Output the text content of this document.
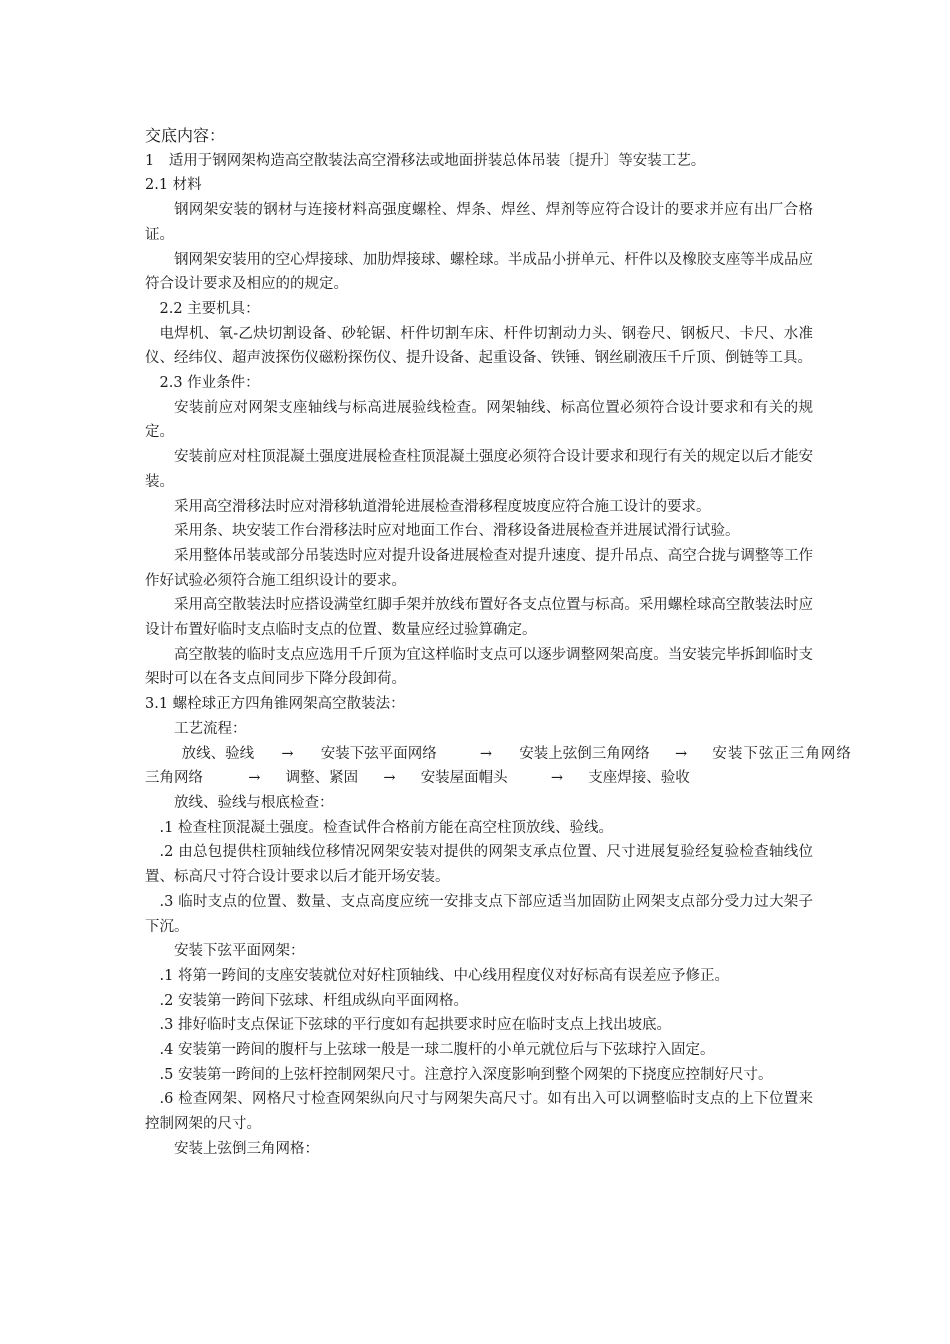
交底内容：

1　适用于钢网架构造高空散装法高空滑移法或地面拼装总体吊装〔提升〕等安装工艺。

2.1 材料

钢网架安装的钢材与连接材料高强度螺栓、焊条、焊丝、焊剂等应符合设计的要求并应有出厂合格证。

钢网架安装用的空心焊接球、加肋焊接球、螺栓球。半成品小拼单元、杆件以及橡胶支座等半成品应符合设计要求及相应的的规定。

2.2 主要机具：

电焊机、氧-乙炔切割设备、砂轮锯、杆件切割车床、杆件切割动力头、钢卷尺、钢板尺、卡尺、水准仪、经纬仪、超声波探伤仪磁粉探伤仪、提升设备、起重设备、铁锤、钢丝刷液压千斤顶、倒链等工具。

2.3 作业条件：

安装前应对网架支座轴线与标高进展验线检查。网架轴线、标高位置必须符合设计要求和有关的规定。

安装前应对柱顶混凝土强度进展检查柱顶混凝土强度必须符合设计要求和现行有关的规定以后才能安装。

采用高空滑移法时应对滑移轨道滑轮进展检查滑移程度坡度应符合施工设计的要求。

采用条、块安装工作台滑移法时应对地面工作台、滑移设备进展检查并进展试滑行试验。

采用整体吊装或部分吊装迭时应对提升设备进展检查对提升速度、提升吊点、高空合拢与调整等工作作好试验必须符合施工组织设计的要求。

采用高空散装法时应搭设满堂红脚手架并放线布置好各支点位置与标高。采用螺栓球高空散装法时应设计布置好临时支点临时支点的位置、数量应经过验算确定。

高空散装的临时支点应选用千斤顶为宜这样临时支点可以逐步调整网架高度。当安装完毕拆卸临时支架时可以在各支点间同步下降分段卸荷。

3.1 螺栓球正方四角锥网架高空散装法：

工艺流程：

放线、验线 → 安装下弦平面网络	→ 安装上弦倒三角网络 → 安装下弦正三角网络

三角网络	→ 调整、紧固 → 安装屋面帽头	→ 支座焊接、验收

放线、验线与根底检查：

.1 检查柱顶混凝土强度。检查试件合格前方能在高空柱顶放线、验线。

.2 由总包提供柱顶轴线位移情况网架安装对提供的网架支承点位置、尺寸进展复验经复验检查轴线位置、标高尺寸符合设计要求以后才能开场安装。

.3 临时支点的位置、数量、支点高度应统一安排支点下部应适当加固防止网架支点部分受力过大架子下沉。

安装下弦平面网架：

.1 将第一跨间的支座安装就位对好柱顶轴线、中心线用程度仪对好标高有误差应予修正。

.2 安装第一跨间下弦球、杆组成纵向平面网格。

.3 排好临时支点保证下弦球的平行度如有起拱要求时应在临时支点上找出坡底。

.4 安装第一跨间的腹杆与上弦球一般是一球二腹杆的小单元就位后与下弦球拧入固定。

.5 安装第一跨间的上弦杆控制网架尺寸。注意拧入深度影响到整个网架的下挠度应控制好尺寸。

.6 检查网架、网格尺寸检查网架纵向尺寸与网架失高尺寸。如有出入可以调整临时支点的上下位置来控制网架的尺寸。

安装上弦倒三角网格：
